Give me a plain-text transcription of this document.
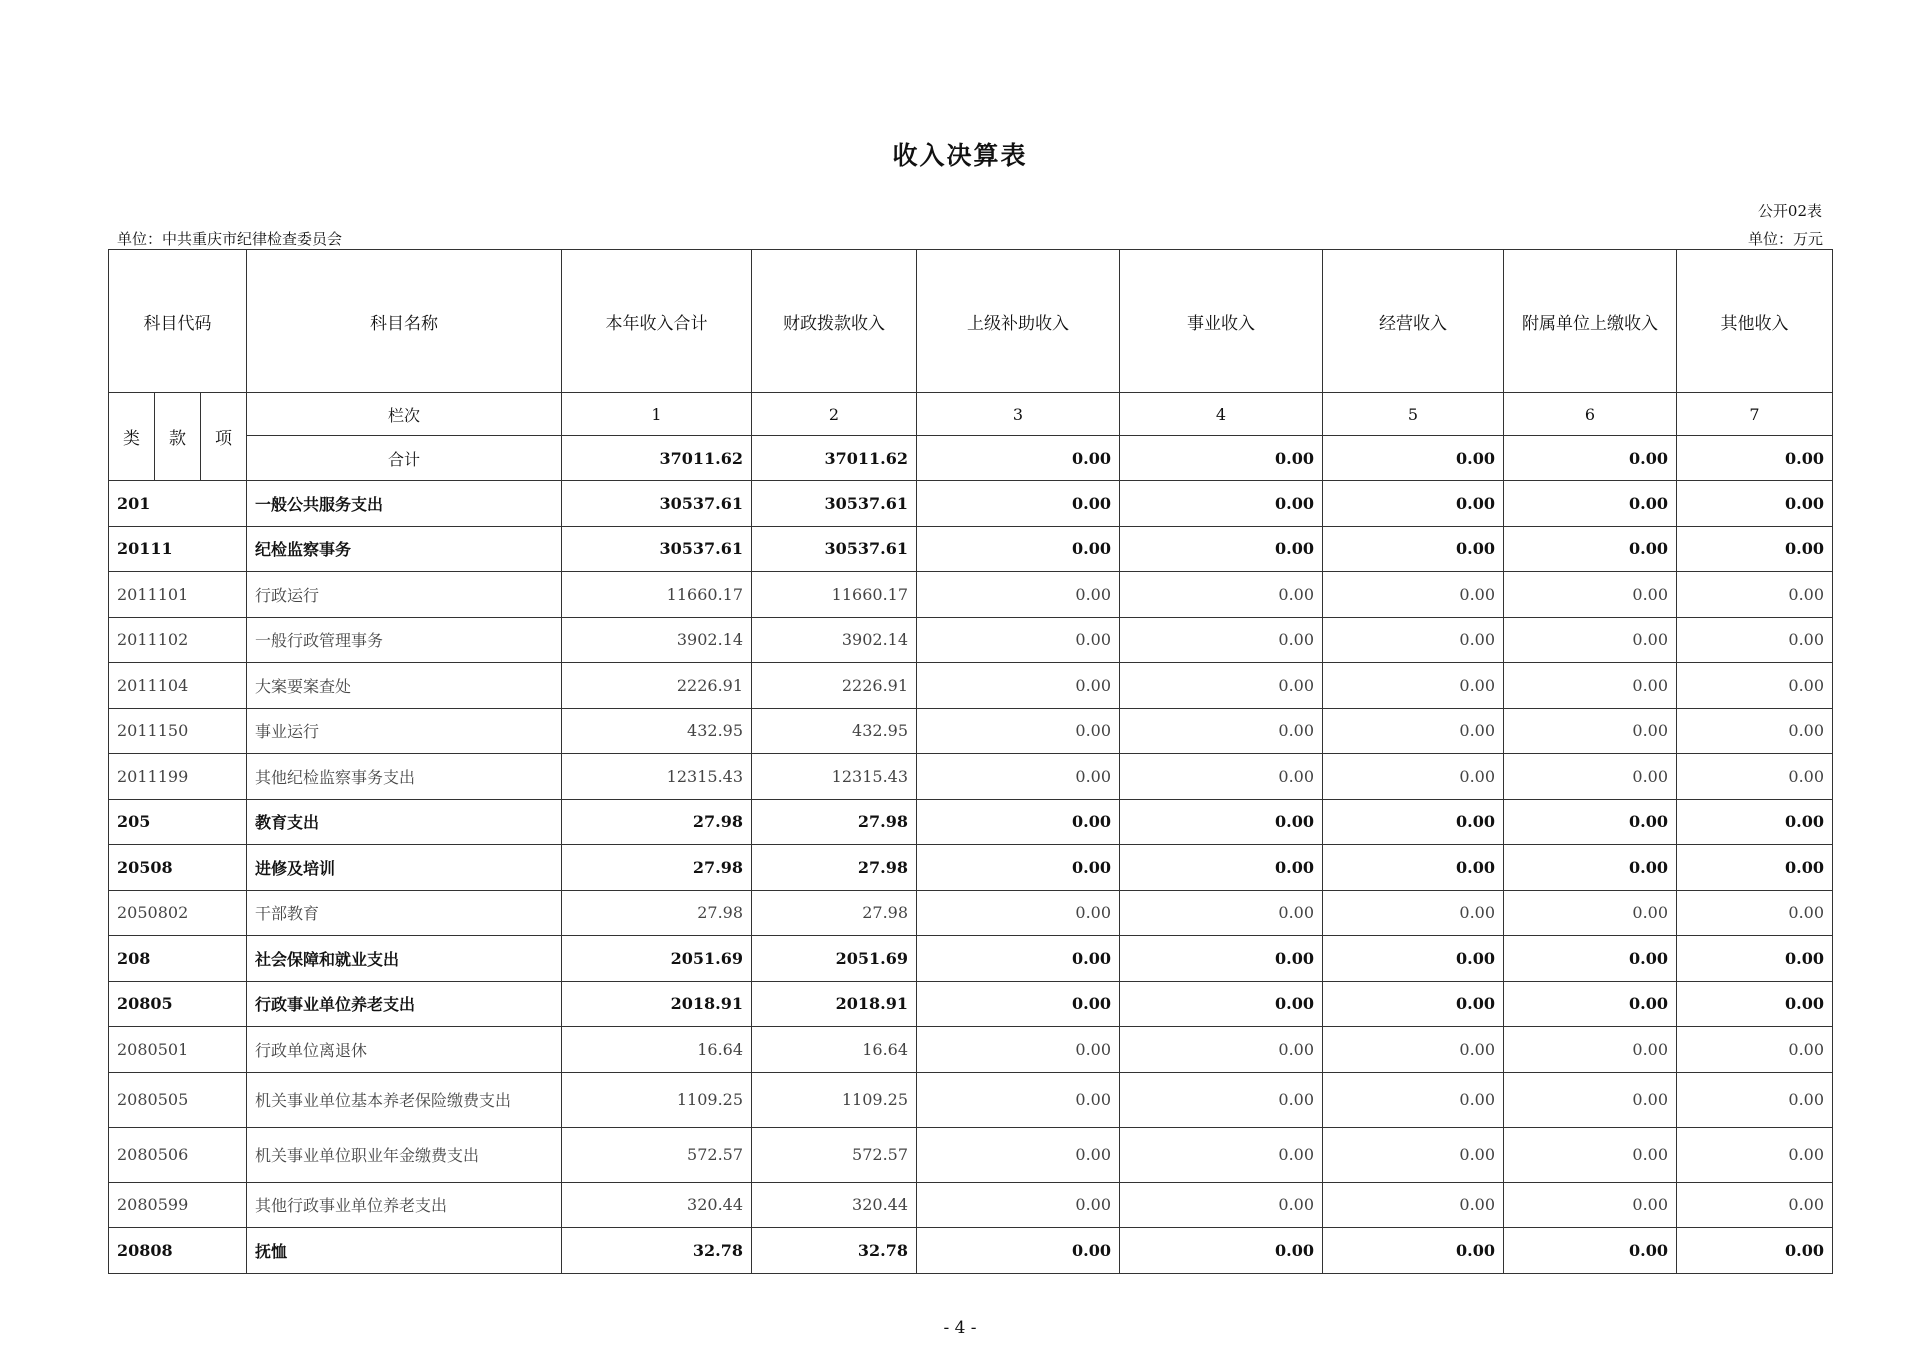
收入决算表
公开02表
单位：中共重庆市纪律检查委员会	单位：万元
科目代码			科目名称	本年收入合计	财政拨款收入	上级补助收入	事业收入	经营收入	附属单位上缴收入	其他收入
类	款	项	栏次	1	2	3	4	5	6	7
			合计	37011.62	37011.62	0.00	0.00	0.00	0.00	0.00
201			一般公共服务支出	30537.61	30537.61	0.00	0.00	0.00	0.00	0.00
20111			纪检监察事务	30537.61	30537.61	0.00	0.00	0.00	0.00	0.00
2011101			行政运行	11660.17	11660.17	0.00	0.00	0.00	0.00	0.00
2011102			一般行政管理事务	3902.14	3902.14	0.00	0.00	0.00	0.00	0.00
2011104			大案要案查处	2226.91	2226.91	0.00	0.00	0.00	0.00	0.00
2011150			事业运行	432.95	432.95	0.00	0.00	0.00	0.00	0.00
2011199			其他纪检监察事务支出	12315.43	12315.43	0.00	0.00	0.00	0.00	0.00
205			教育支出	27.98	27.98	0.00	0.00	0.00	0.00	0.00
20508			进修及培训	27.98	27.98	0.00	0.00	0.00	0.00	0.00
2050802			干部教育	27.98	27.98	0.00	0.00	0.00	0.00	0.00
208			社会保障和就业支出	2051.69	2051.69	0.00	0.00	0.00	0.00	0.00
20805			行政事业单位养老支出	2018.91	2018.91	0.00	0.00	0.00	0.00	0.00
2080501			行政单位离退休	16.64	16.64	0.00	0.00	0.00	0.00	0.00
2080505			机关事业单位基本养老保险缴费支出	1109.25	1109.25	0.00	0.00	0.00	0.00	0.00
2080506			机关事业单位职业年金缴费支出	572.57	572.57	0.00	0.00	0.00	0.00	0.00
2080599			其他行政事业单位养老支出	320.44	320.44	0.00	0.00	0.00	0.00	0.00
20808			抚恤	32.78	32.78	0.00	0.00	0.00	0.00	0.00
- 4 -
